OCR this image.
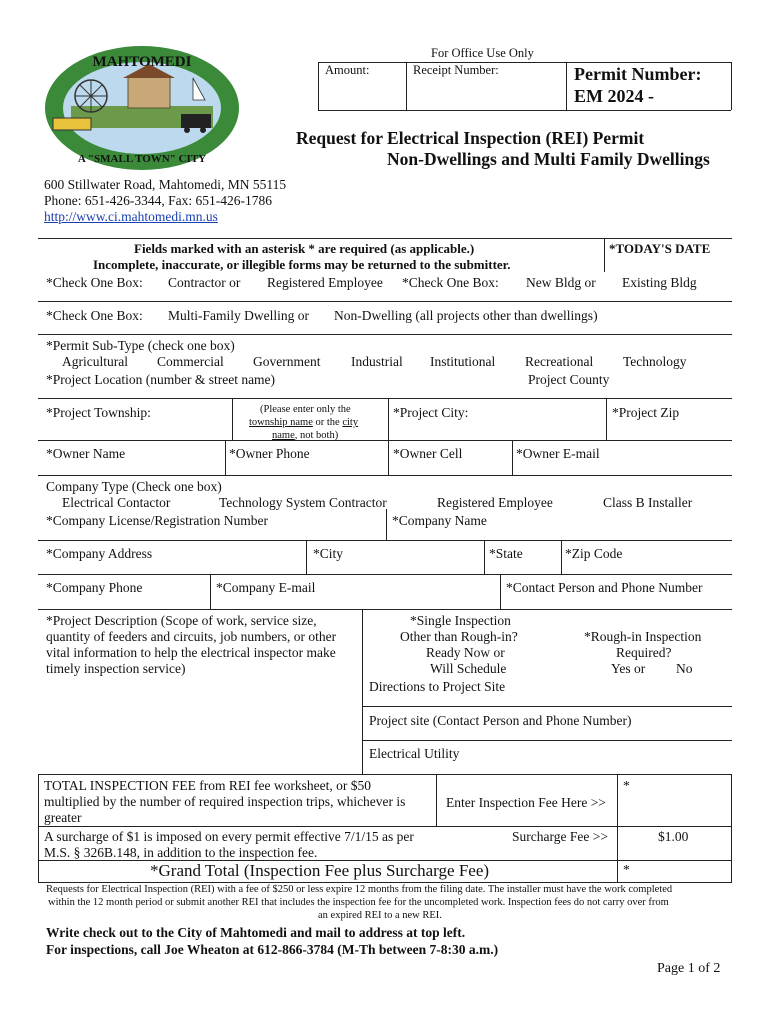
MAHTOMEDI
A "SMALL TOWN" CITY
For Office Use Only
Amount:	Receipt Number:	Permit Number:
EM 2024 -
Request for Electrical Inspection (REI) Permit
Non-Dwellings and Multi Family Dwellings
600 Stillwater Road, Mahtomedi, MN 55115
Phone: 651-426-3344, Fax: 651-426-1786
http://www.ci.mahtomedi.mn.us
Fields marked with an asterisk * are required (as applicable.)
Incomplete, inaccurate, or illegible forms may be returned to the submitter.
*TODAY'S DATE
*Check One Box: Contractor or Registered Employee *Check One Box: New Bldg or Existing Bldg
*Check One Box: Multi-Family Dwelling or Non-Dwelling (all projects other than dwellings)
*Permit Sub-Type (check one box)
Agricultural Commercial Government Industrial Institutional Recreational Technology
*Project Location (number & street name)	Project County
*Project Township:	(Please enter only the
township name or the city
name, not both)
*Project City:	*Project Zip
*Owner Name	*Owner Phone	*Owner Cell	*Owner E-mail
Company Type (Check one box)
Electrical Contactor	Technology System Contractor	Registered Employee	Class B Installer
*Company License/Registration Number	*Company Name
*Company Address	*City	*State	*Zip Code
*Company Phone	*Company E-mail	*Contact Person and Phone Number
*Project Description (Scope of work, service size,
quantity of feeders and circuits, job numbers, or other
vital information to help the electrical inspector make
timely inspection service)
*Single Inspection
Other than Rough-in?
Ready Now or
Will Schedule
*Rough-in Inspection
Required?
Yes or No
Directions to Project Site
Project site (Contact Person and Phone Number)
Electrical Utility
TOTAL INSPECTION FEE from REI fee worksheet, or $50
multiplied by the number of required inspection trips, whichever is
greater
Enter Inspection Fee Here >>
*
A surcharge of $1 is imposed on every permit effective 7/1/15 as per
M.S. § 326B.148, in addition to the inspection fee.
Surcharge Fee >>	$1.00
*Grand Total (Inspection Fee plus Surcharge Fee)	*
Requests for Electrical Inspection (REI) with a fee of $250 or less expire 12 months from the filing date. The installer must have the work completed
within the 12 month period or submit another REI that includes the inspection fee for the uncompleted work. Inspection fees do not carry over from
an expired REI to a new REI.
Write check out to the City of Mahtomedi and mail to address at top left.
For inspections, call Joe Wheaton at 612-866-3784 (M-Th between 7-8:30 a.m.)
Page 1 of 2
